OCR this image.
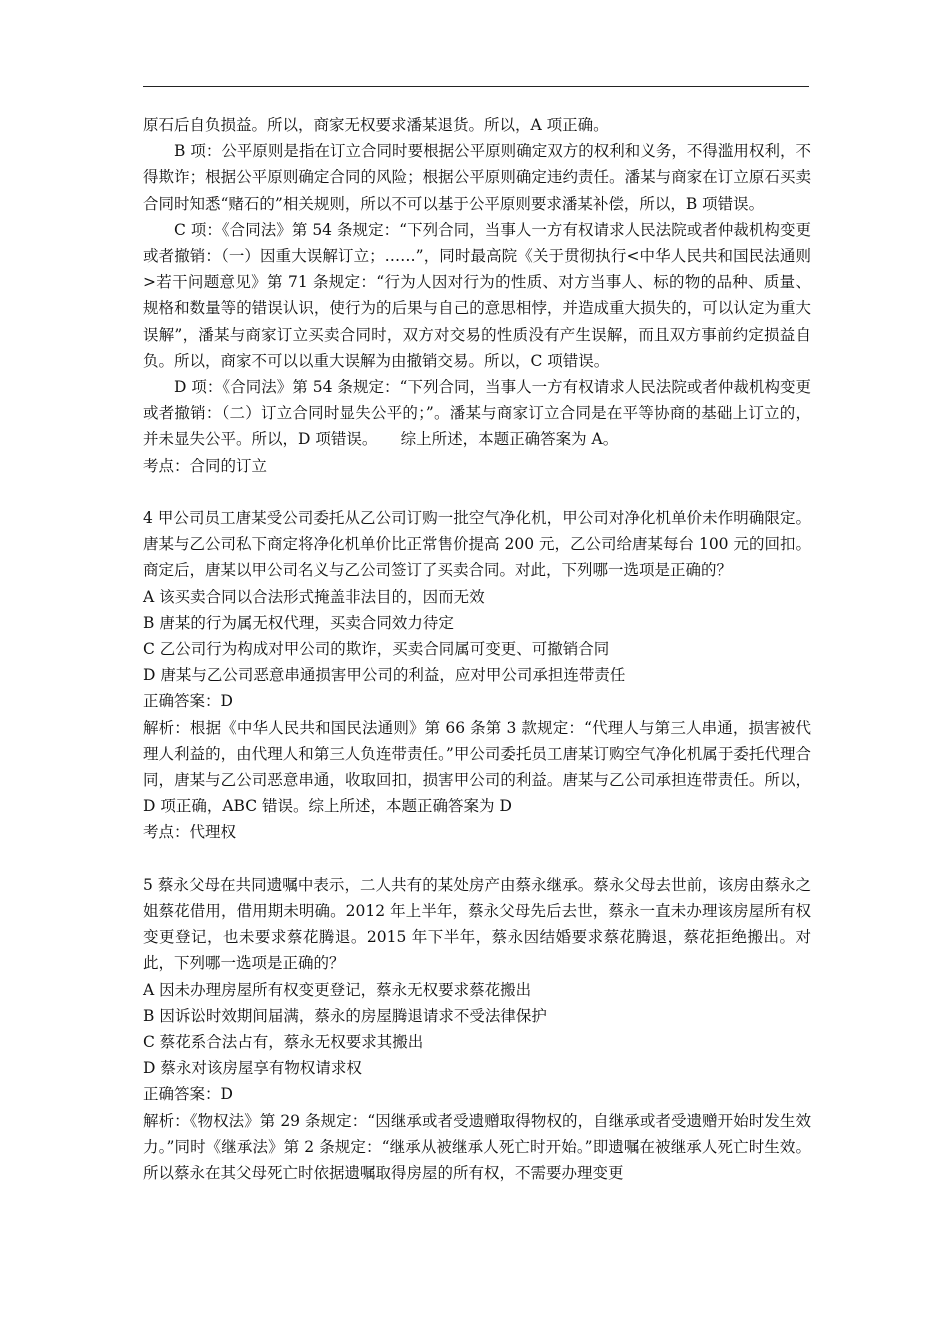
原石后自负损益。所以，商家无权要求潘某退货。所以，A 项正确。

B 项：公平原则是指在订立合同时要根据公平原则确定双方的权利和义务，不得滥用权利，不得欺诈；根据公平原则确定合同的风险；根据公平原则确定违约责任。潘某与商家在订立原石买卖合同时知悉“赌石的”相关规则，所以不可以基于公平原则要求潘某补偿，所以，B 项错误。

C 项：《合同法》第 54 条规定：“下列合同，当事人一方有权请求人民法院或者仲裁机构变更或者撤销：（一）因重大误解订立；……”，同时最高院《关于贯彻执行<中华人民共和国民法通则>若干问题意见》第 71 条规定：“行为人因对行为的性质、对方当事人、标的物的品种、质量、规格和数量等的错误认识，使行为的后果与自己的意思相悖，并造成重大损失的，可以认定为重大误解”，潘某与商家订立买卖合同时，双方对交易的性质没有产生误解，而且双方事前约定损益自负。所以，商家不可以以重大误解为由撤销交易。所以，C 项错误。

D 项：《合同法》第 54 条规定：“下列合同，当事人一方有权请求人民法院或者仲裁机构变更或者撤销：（二）订立合同时显失公平的；”。潘某与商家订立合同是在平等协商的基础上订立的，并未显失公平。所以，D 项错误。　　综上所述，本题正确答案为 A。

考点：合同的订立

4 甲公司员工唐某受公司委托从乙公司订购一批空气净化机，甲公司对净化机单价未作明确限定。唐某与乙公司私下商定将净化机单价比正常售价提高 200 元，乙公司给唐某每台 100 元的回扣。商定后，唐某以甲公司名义与乙公司签订了买卖合同。对此，下列哪一选项是正确的？

A 该买卖合同以合法形式掩盖非法目的，因而无效

B 唐某的行为属无权代理，买卖合同效力待定

C 乙公司行为构成对甲公司的欺诈，买卖合同属可变更、可撤销合同

D 唐某与乙公司恶意串通损害甲公司的利益，应对甲公司承担连带责任

正确答案：D

解析：根据《中华人民共和国民法通则》第 66 条第 3 款规定：“代理人与第三人串通，损害被代理人利益的，由代理人和第三人负连带责任。”甲公司委托员工唐某订购空气净化机属于委托代理合同，唐某与乙公司恶意串通，收取回扣，损害甲公司的利益。唐某与乙公司承担连带责任。所以，D 项正确，ABC 错误。综上所述，本题正确答案为 D

考点：代理权

5 蔡永父母在共同遗嘱中表示，二人共有的某处房产由蔡永继承。蔡永父母去世前，该房由蔡永之姐蔡花借用，借用期未明确。2012 年上半年，蔡永父母先后去世，蔡永一直未办理该房屋所有权变更登记，也未要求蔡花腾退。2015 年下半年，蔡永因结婚要求蔡花腾退，蔡花拒绝搬出。对此，下列哪一选项是正确的？

A 因未办理房屋所有权变更登记，蔡永无权要求蔡花搬出

B 因诉讼时效期间届满，蔡永的房屋腾退请求不受法律保护

C 蔡花系合法占有，蔡永无权要求其搬出

D 蔡永对该房屋享有物权请求权

正确答案：D

解析：《物权法》第 29 条规定：“因继承或者受遗赠取得物权的，自继承或者受遗赠开始时发生效力。”同时《继承法》第 2 条规定：“继承从被继承人死亡时开始。”即遗嘱在被继承人死亡时生效。所以蔡永在其父母死亡时依据遗嘱取得房屋的所有权，不需要办理变更
